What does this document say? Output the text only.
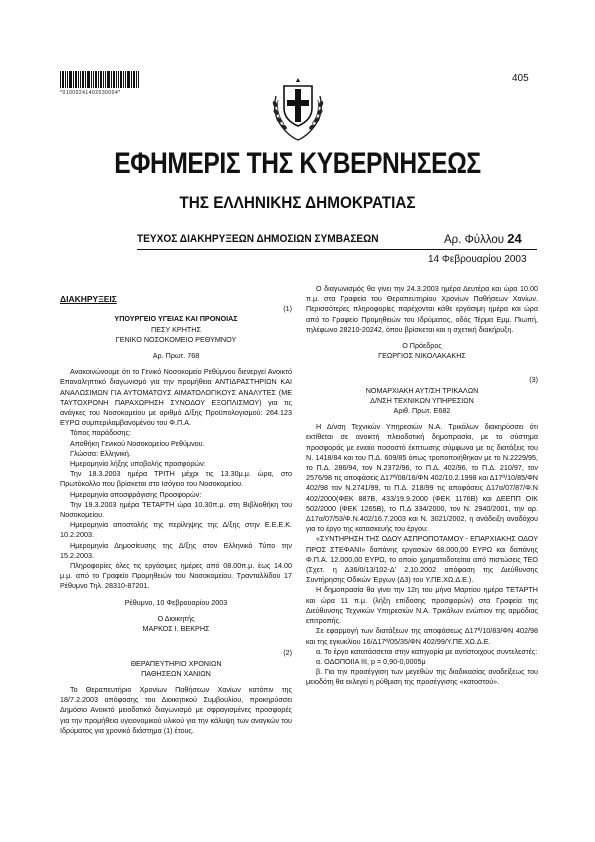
405
*01000241402030004*
ΕΦΗΜΕΡΙΣ ΤΗΣ ΚΥΒΕΡΝΗΣΕΩΣ
ΤΗΣ ΕΛΛΗΝΙΚΗΣ ΔΗΜΟΚΡΑΤΙΑΣ
ΤΕΥΧΟΣ ΔΙΑΚΗΡΥΞΕΩΝ ΔΗΜΟΣΙΩΝ ΣΥΜΒΑΣΕΩΝ	Αρ. Φύλλου 24
14 Φεβρουαρίου 2003

ΔΙΑΚΗΡΥΞΕΙΣ

(1)

ΥΠΟΥΡΓΕΙΟ ΥΓΕΙΑΣ ΚΑΙ ΠΡΟΝΟΙΑΣ

ΠΕΣΥ ΚΡΗΤΗΣ

ΓΕΝΙΚΟ ΝΟΣΟΚΟΜΕΙΟ ΡΕΘΥΜΝΟΥ

Αρ. Πρωτ. 768

Ανακοινώνουμε ότι το Γενικό Νοσοκομείο Ρεθύμνου διενεργεί Ανοικτό Επαναληπτικό διαγωνισμό για την προμήθεια ΑΝΤΙΔΡΑΣΤΗΡΙΩΝ ΚΑΙ ΑΝΑΛΩΣΙΜΩΝ ΓΙΑ ΑΥΤΟΜΑΤΟΥΣ ΑΙΜΑΤΟΛΟΓΙΚΟΥΣ ΑΝΑΛΥΤΕΣ (ΜΕ ΤΑΥΤΟΧΡΟΝΗ ΠΑΡΑΧΩΡΗΣΗ ΣΥΝΟΔΟΥ ΕΞΟΠΛΙΣΜΟΥ) για τις ανάγκες του Νοσοκομείου με αριθμό Δ/ξης Προϋπολογισμού: 264.123 ΕΥΡΩ συμπεριλαμβανομένου του Φ.Π.Α.

Τόπος παράδοσης:

Αποθήκη Γενικού Νοσοκομείου Ρεθύμνου.

Γλώσσα: Ελληνική.

Ημερομηνία λήξης υποβολής προσφορών:

Την 18.3.2003 ημέρα ΤΡΙΤΗ μέχρι τις 13.30μ.μ. ώρα, στο Πρωτόκολλο που βρίσκεται στο Ισόγειο του Νοσοκομείου.

Ημερομηνία αποσφράγισης Προσφορών:

Την 19.3.2003 ημέρα ΤΕΤΑΡΤΗ ώρα 10.30π.μ. στη Βιβλιοθήκη του Νοσοκομείου.

Ημερομηνία αποστολής της περίληψης της Δ/ξης στην Ε.Ε.Ε.Κ. 10.2.2003.

Ημερομηνία Δημοσίευσης της Δ/ξης στον Ελληνικό Τύπο την 15.2.2003.

Πληροφορίες όλες τις εργάσιμες ημέρες από 08.00π.μ. έως 14.00 μ.μ. από το Γραφείο Προμηθειών του Νοσοκομείου. Τρανταλλίδου 17 Ρέθυμνο Τηλ. 28310-87201.

Ρέθυμνο, 10 Φεβρουαρίου 2003

Ο Διοικητής

ΜΑΡΚΟΣ Ι. ΒΕΚΡΗΣ

(2)

ΘΕΡΑΠΕΥΤΗΡΙΟ ΧΡΟΝΙΩΝ

ΠΑΘΗΣΕΩΝ ΧΑΝΙΩΝ

Το Θεραπευτήριο Χρονίων Παθήσεων Χανίων κατόπιν της 18/7.2.2003 απόφασης του Διοικητικού Συμβουλίου, προκηρύσσει Δημόσιο Ανοικτό μειοδοτικό διαγωνισμό με σφραγισμένες προσφορές για την προμήθεια υγειονομικού υλικού για την κάλυψη των αναγκών του Ιδρύματος για χρονικό διάστημα (1) έτους.

Ο διαγωνισμός θα γίνει την 24.3.2003 ημέρα Δευτέρα και ώρα 10.00 π.μ. στα Γραφεία του Θεραπευτηρίου Χρονίων Παθήσεων Χανίων. Περισσότερες πληροφορίες παρέχονται κάθε εργάσιμη ημέρα και ώρα από το Γραφείο Προμηθειών του Ιδρύματος, οδός Τέρμα Εμμ. Πιωπή, τηλέφωνο 28210-20242, όπου βρίσκεται και η σχετική διακήρυξη.

Ο Πρόεδρος

ΓΕΩΡΓΙΟΣ ΝΙΚΟΛΑΚΑΚΗΣ

(3)

ΝΟΜΑΡΧΙΑΚΗ ΑΥΤ/ΣΗ ΤΡΙΚΑΛΩΝ

Δ/ΝΣΗ ΤΕΧΝΙΚΩΝ ΥΠΗΡΕΣΙΩΝ

Αριθ. Πρωτ. Ε682

Η Δ/νση Τεχνικών Υπηρεσιών Ν.Α. Τρικάλων διακηρύσσει ότι εκτίθεται σε ανοικτή πλειοδοτική δημοπρασία, με το σύστημα προσφοράς με ενιαίο ποσοστό έκπτωσης σύμφωνα με τις διατάξεις του Ν. 1418/84 και του Π.Δ. 609/85 όπως τροποποιήθηκαν με το Ν.2229/95, το Π.Δ. 286/94, τον Ν.2372/96, το Π.Δ. 402/96, το Π.Δ. 210/97, τον 2576/98 τις αποφάσεις Δ17ª/08/16/ΦΝ 402/10.2.1998 και Δ17ª/10/85/ΦΝ 402/98 τον Ν.2741/99, το Π.Δ. 218/99 τις αποφάσεις Δ17α/07/87/Φ.Ν 402/2000(ΦΕΚ 887Β, 433/19.9.2000 (ΦΕΚ 1176Β) και ΔΕΕΠΠ ΟΙΚ 502/2000 (ΦΕΚ 1265Β), το Π.Δ 334/2000, τον Ν. 2940/2001, την αρ. Δ17α/07/53/Φ.Ν.402/16.7.2003 και Ν. 3021/2002, η ανάδειξη αναδόχου για το έργο της κατασκευής του έργου:

«ΣΥΝΤΗΡΗΣΗ ΤΗΣ ΟΔΟΥ ΑΣΠΡΟΠΟΤΑΜΟΥ - ΕΠΑΡΧΙΑΚΗΣ ΟΔΟΥ ΠΡΟΣ ΣΤΕΦΑΝΙ» δαπάνης εργασιών 68.000,00 ΕΥΡΩ και δαπάνης Φ.Π.Α. 12.000,00 ΕΥΡΩ, το οποίο χρηματοδοτείται από πιστώσεις ΤΕΟ (Σχετ. η Δ36/0/13/102-Δ' 2.10.2002 απόφαση της Διεύθυνσης Συντήρησης Οδικών Έργων (Δ3) του Υ.ΠΕ.ΧΩ.Δ.Ε.).

Η δημοπρασία θα γίνει την 12η του μήνα Μαρτίου ημέρα ΤΕΤΑΡΤΗ και ώρα 11 π.μ. (λήξη επίδοσης προσφορών) στα Γραφεία της Διεύθυνσης Τεχνικών Υπηρεσιών Ν.Α. Τρικάλων ενώπιον της αρμόδιας επιτροπής.

Σε εφαρμογή των διατάξεων της αποφάσεως Δ17ª/10/83/ΦΝ 402/98 και της εγκυκλίου 16/Δ17ª/05/35/ΦΝ 402/99/Υ.ΠΕ.ΧΩ.Δ.Ε.

α. Το έργο κατατάσσεται στην κατηγορία με αντίστοιχους συντελεστές:

α. ΟΔΟΠΟΙΙΑ ΙΙΙ, p = 0,90-0,0005μ

β. Για την προσέγγιση των μεγεθών της διαδικασίας αναδείξεως του μειοδότη θα εκλεγεί η ρύθμιση της προσέγγισης «κατοστού».
